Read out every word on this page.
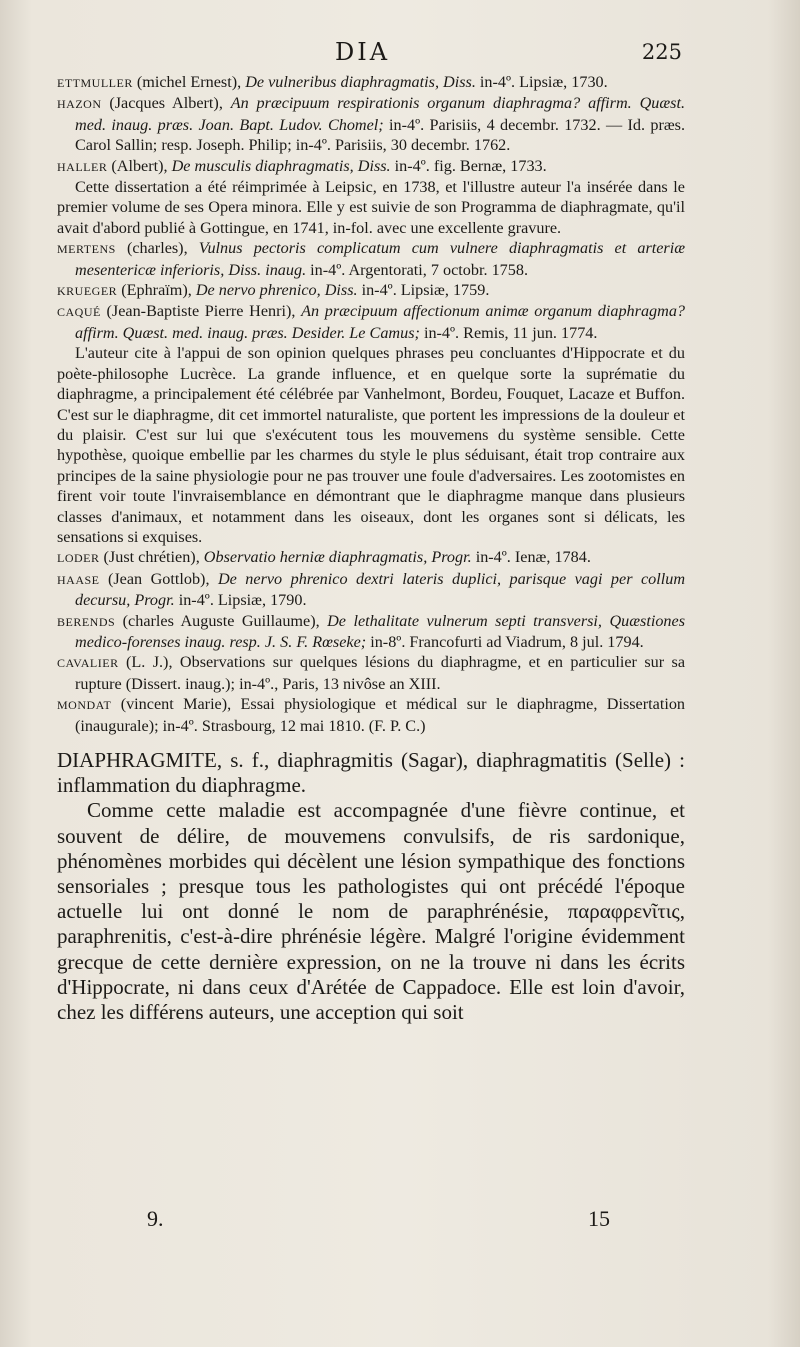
DIA	225

ETTMULLER (michel Ernest), De vulneribus diaphragmatis, Diss. in-4º. Lipsiæ, 1730.

HAZON (Jacques Albert), An præcipuum respirationis organum diaphragma? affirm. Quæst. med. inaug. præs. Joan. Bapt. Ludov. Chomel; in-4º. Parisiis, 4 decembr. 1732. — Id. præs. Carol Sallin; resp. Joseph. Philip; in-4º. Parisiis, 30 decembr. 1762.

HALLER (Albert), De musculis diaphragmatis, Diss. in-4º. fig. Bernæ, 1733.

Cette dissertation a été réimprimée à Leipsic, en 1738, et l'illustre auteur l'a insérée dans le premier volume de ses Opera minora. Elle y est suivie de son Programma de diaphragmate, qu'il avait d'abord publié à Gottingue, en 1741, in-fol. avec une excellente gravure.

MERTENS (charles), Vulnus pectoris complicatum cum vulnere diaphragmatis et arteriæ mesentericæ inferioris, Diss. inaug. in-4º. Argentorati, 7 octobr. 1758.

KRUEGER (Ephraïm), De nervo phrenico, Diss. in-4º. Lipsiæ, 1759.

CAQUÉ (Jean-Baptiste Pierre Henri), An præcipuum affectionum animæ organum diaphragma? affirm. Quæst. med. inaug. præs. Desider. Le Camus; in-4º. Remis, 11 jun. 1774.

L'auteur cite à l'appui de son opinion quelques phrases peu concluantes d'Hippocrate et du poète-philosophe Lucrèce. La grande influence, et en quelque sorte la suprématie du diaphragme, a principalement été célébrée par Vanhelmont, Bordeu, Fouquet, Lacaze et Buffon. C'est sur le diaphragme, dit cet immortel naturaliste, que portent les impressions de la douleur et du plaisir. C'est sur lui que s'exécutent tous les mouvemens du système sensible. Cette hypothèse, quoique embellie par les charmes du style le plus séduisant, était trop contraire aux principes de la saine physiologie pour ne pas trouver une foule d'adversaires. Les zootomistes en firent voir toute l'invraisemblance en démontrant que le diaphragme manque dans plusieurs classes d'animaux, et notamment dans les oiseaux, dont les organes sont si délicats, les sensations si exquises.

LODER (Just chrétien), Observatio herniæ diaphragmatis, Progr. in-4º. Ienæ, 1784.

HAASE (Jean Gottlob), De nervo phrenico dextri lateris duplici, parisque vagi per collum decursu, Progr. in-4º. Lipsiæ, 1790.

BERENDS (charles Auguste Guillaume), De lethalitate vulnerum septi transversi, Quæstiones medico-forenses inaug. resp. J. S. F. Rœseke; in-8º. Francofurti ad Viadrum, 8 jul. 1794.

CAVALIER (L. J.), Observations sur quelques lésions du diaphragme, et en particulier sur sa rupture (Dissert. inaug.); in-4º., Paris, 13 nivôse an XIII.

MONDAT (vincent Marie), Essai physiologique et médical sur le diaphragme, Dissertation (inaugurale); in-4º. Strasbourg, 12 mai 1810. (F. P. C.)

DIAPHRAGMITE, s. f., diaphragmitis (Sagar), diaphragmatitis (Selle) : inflammation du diaphragme.

Comme cette maladie est accompagnée d'une fièvre continue, et souvent de délire, de mouvemens convulsifs, de ris sardonique, phénomènes morbides qui décèlent une lésion sympathique des fonctions sensoriales ; presque tous les pathologistes qui ont précédé l'époque actuelle lui ont donné le nom de paraphrénésie, παραφρενῖτις, paraphrenitis, c'est-à-dire phrénésie légère. Malgré l'origine évidemment grecque de cette dernière expression, on ne la trouve ni dans les écrits d'Hippocrate, ni dans ceux d'Arétée de Cappadoce. Elle est loin d'avoir, chez les différens auteurs, une acception qui soit

9.	15
